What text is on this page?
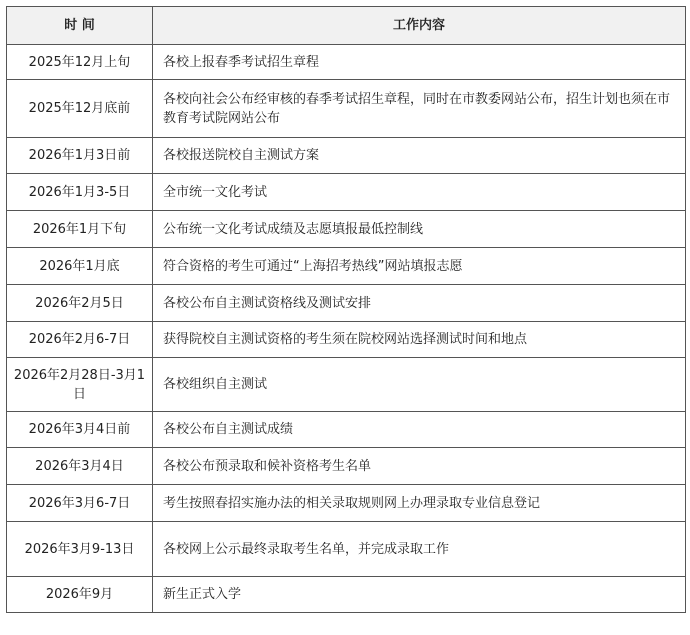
时 间	工作内容
2025年12月上旬	各校上报春季考试招生章程
2025年12月底前	各校向社会公布经审核的春季考试招生章程，同时在市教委网站公布，招生计划也须在市教育考试院网站公布
2026年1月3日前	各校报送院校自主测试方案
2026年1月3-5日	全市统一文化考试
2026年1月下旬	公布统一文化考试成绩及志愿填报最低控制线
2026年1月底	符合资格的考生可通过“上海招考热线”网站填报志愿
2026年2月5日	各校公布自主测试资格线及测试安排
2026年2月6-7日	获得院校自主测试资格的考生须在院校网站选择测试时间和地点
2026年2月28日-3月1日	各校组织自主测试
2026年3月4日前	各校公布自主测试成绩
2026年3月4日	各校公布预录取和候补资格考生名单
2026年3月6-7日	考生按照春招实施办法的相关录取规则网上办理录取专业信息登记
2026年3月9-13日	各校网上公示最终录取考生名单，并完成录取工作
2026年9月	新生正式入学
